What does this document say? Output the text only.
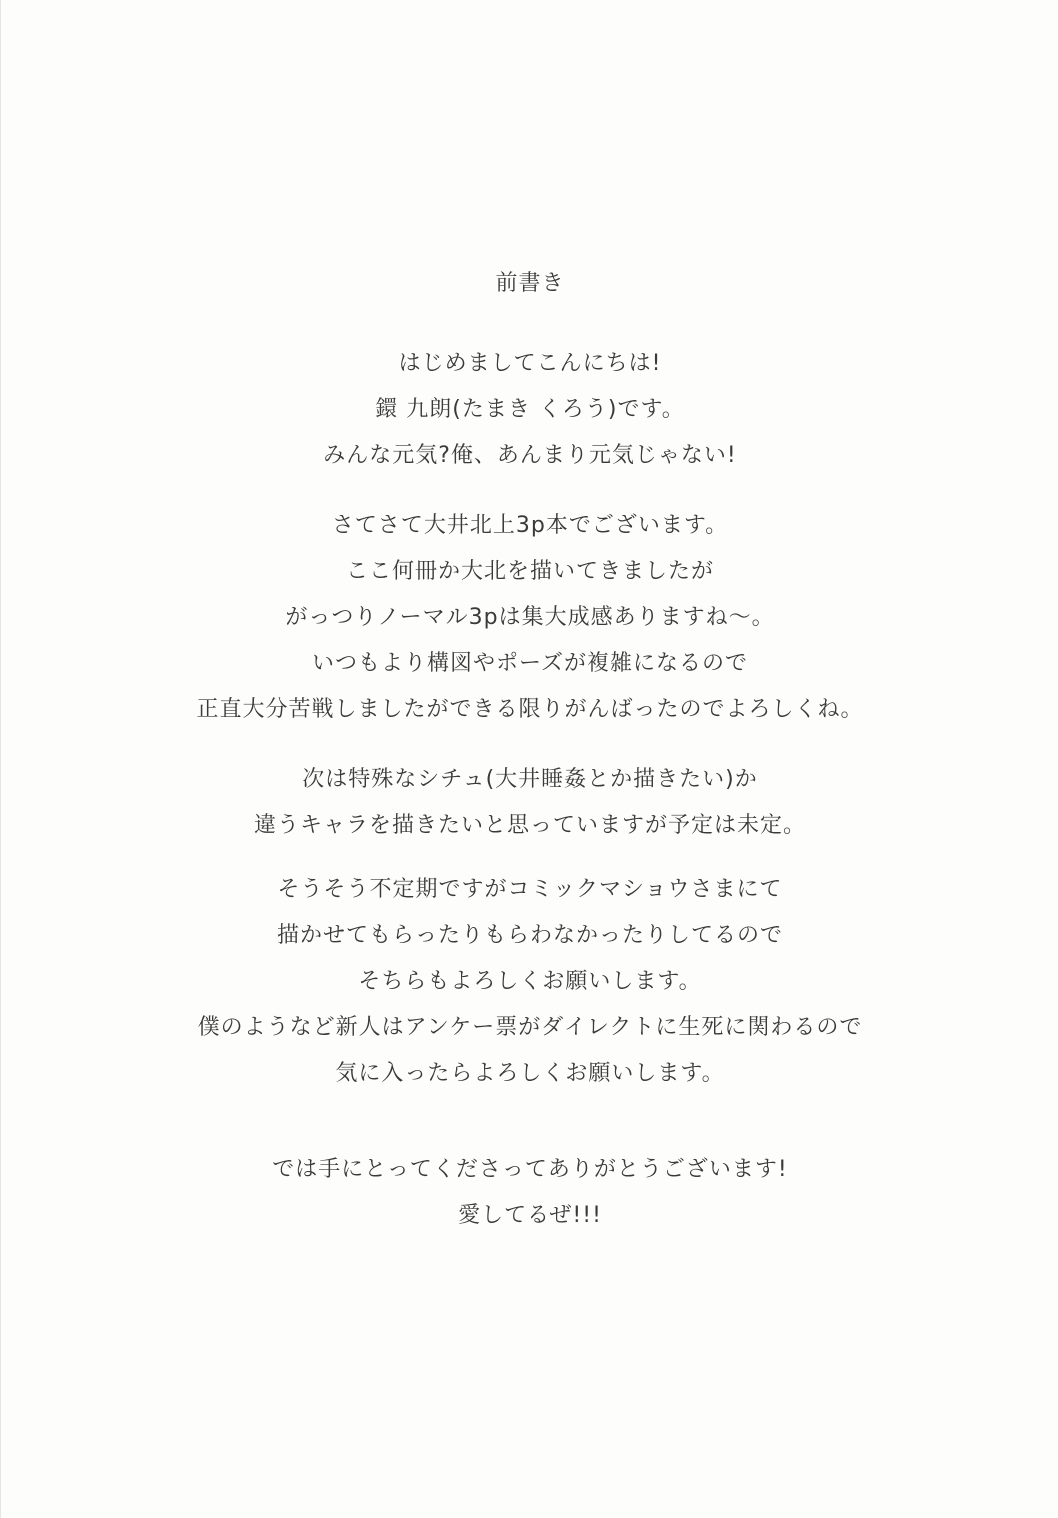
前書き
はじめましてこんにちは!
鐶 九朗(たまき くろう)です。
みんな元気?俺、あんまり元気じゃない!
さてさて大井北上3p本でございます。
ここ何冊か大北を描いてきましたが
がっつりノーマル3pは集大成感ありますね～。
いつもより構図やポーズが複雑になるので
正直大分苦戦しましたができる限りがんばったのでよろしくね。
次は特殊なシチュ(大井睡姦とか描きたい)か
違うキャラを描きたいと思っていますが予定は未定。
そうそう不定期ですがコミックマショウさまにて
描かせてもらったりもらわなかったりしてるので
そちらもよろしくお願いします。
僕のようなど新人はアンケー票がダイレクトに生死に関わるので
気に入ったらよろしくお願いします。
では手にとってくださってありがとうございます!
愛してるぜ!!!
